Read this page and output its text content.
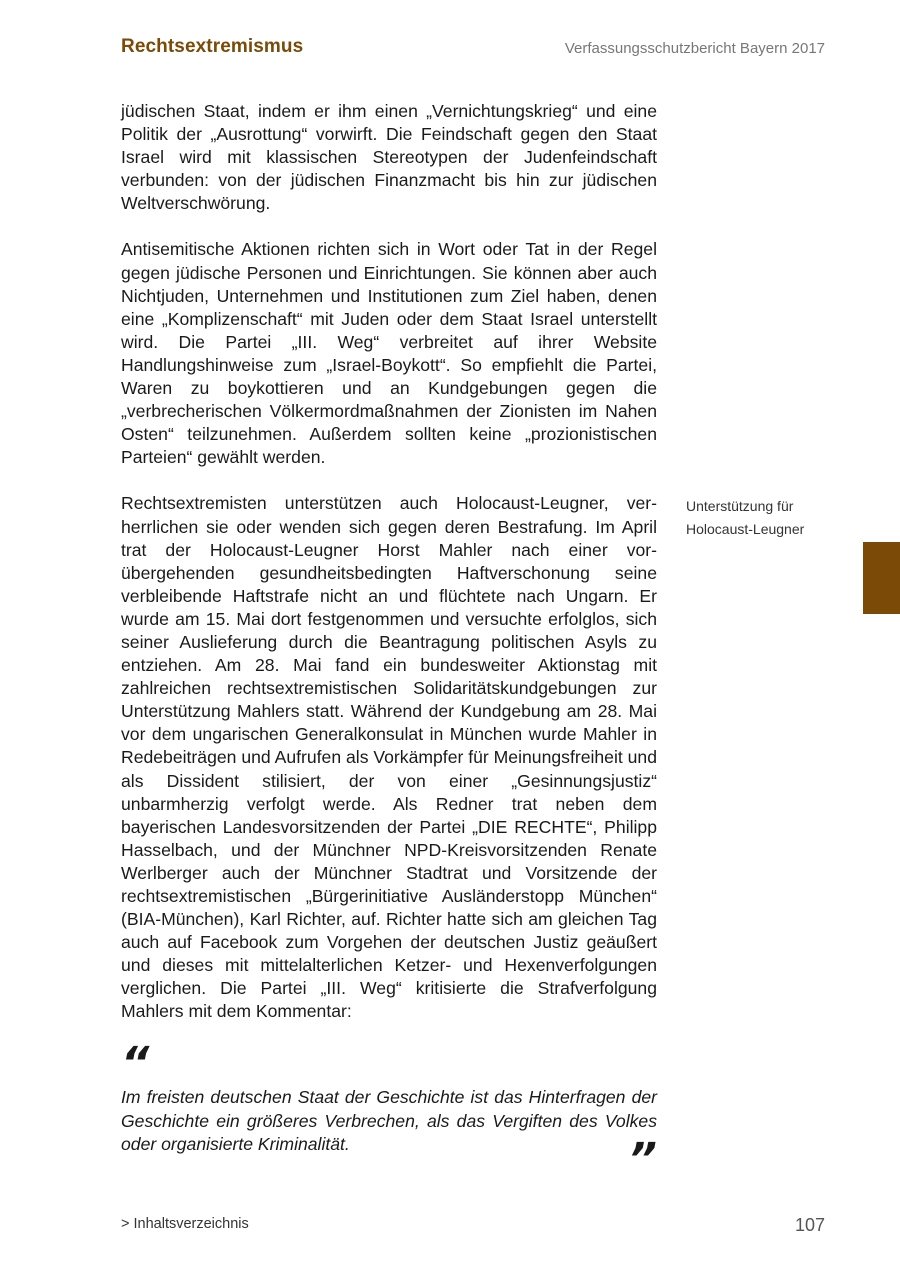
Rechtsextremismus	Verfassungsschutzbericht Bayern 2017

jüdischen Staat, indem er ihm einen „Vernichtungskrieg“ und eine Politik der „Ausrottung“ vorwirft. Die Feindschaft gegen den Staat Israel wird mit klassischen Stereotypen der Judenfeindschaft verbunden: von der jüdischen Finanzmacht bis hin zur jüdischen Weltverschwörung.

Antisemitische Aktionen richten sich in Wort oder Tat in der Regel gegen jüdische Personen und Einrichtungen. Sie können aber auch Nichtjuden, Unternehmen und Institutionen zum Ziel haben, denen eine „Komplizenschaft“ mit Juden oder dem Staat Israel unterstellt wird. Die Partei „III. Weg“ verbreitet auf ihrer Website Handlungshinweise zum „Israel-Boykott“. So empfiehlt die Partei, Waren zu boykottieren und an Kundgebungen gegen die „verbrecherischen Völkermordmaßnahmen der Zionisten im Nahen Osten“ teilzunehmen. Außerdem sollten keine „prozionistischen Parteien“ gewählt werden.

Rechtsextremisten unterstützen auch Holocaust-Leugner, verherrlichen sie oder wenden sich gegen deren Bestrafung. Im April trat der Holocaust-Leugner Horst Mahler nach einer vorübergehenden gesundheitsbedingten Haftverschonung seine verbleibende Haftstrafe nicht an und flüchtete nach Ungarn. Er wurde am 15. Mai dort festgenommen und versuchte erfolglos, sich seiner Auslieferung durch die Beantragung politischen Asyls zu entziehen. Am 28. Mai fand ein bundesweiter Aktionstag mit zahlreichen rechtsextremistischen Solidaritätskundgebungen zur Unterstützung Mahlers statt. Während der Kundgebung am 28. Mai vor dem ungarischen Generalkonsulat in München wurde Mahler in Redebeiträgen und Aufrufen als Vorkämpfer für Meinungsfreiheit und als Dissident stilisiert, der von einer „Gesinnungsjustiz“ unbarmherzig verfolgt werde. Als Redner trat neben dem bayerischen Landesvorsitzenden der Partei „DIE RECHTE“, Philipp Hasselbach, und der Münchner NPD-Kreisvorsitzenden Renate Werlberger auch der Münchner Stadtrat und Vorsitzende der rechtsextremistischen „Bürgerinitiative Ausländerstopp München“ (BIA-München), Karl Richter, auf. Richter hatte sich am gleichen Tag auch auf Facebook zum Vorgehen der deutschen Justiz geäußert und dieses mit mittelalterlichen Ketzer- und Hexenverfolgungen verglichen. Die Partei „III. Weg“ kritisierte die Strafverfolgung Mahlers mit dem Kommentar:

Unterstützung für
Holocaust-Leugner
“

Im freisten deutschen Staat der Geschichte ist das Hinterfragen der Geschichte ein größeres Verbrechen, als das Vergiften des Volkes oder organisierte Kriminalität.	”
> Inhaltsverzeichnis	107
